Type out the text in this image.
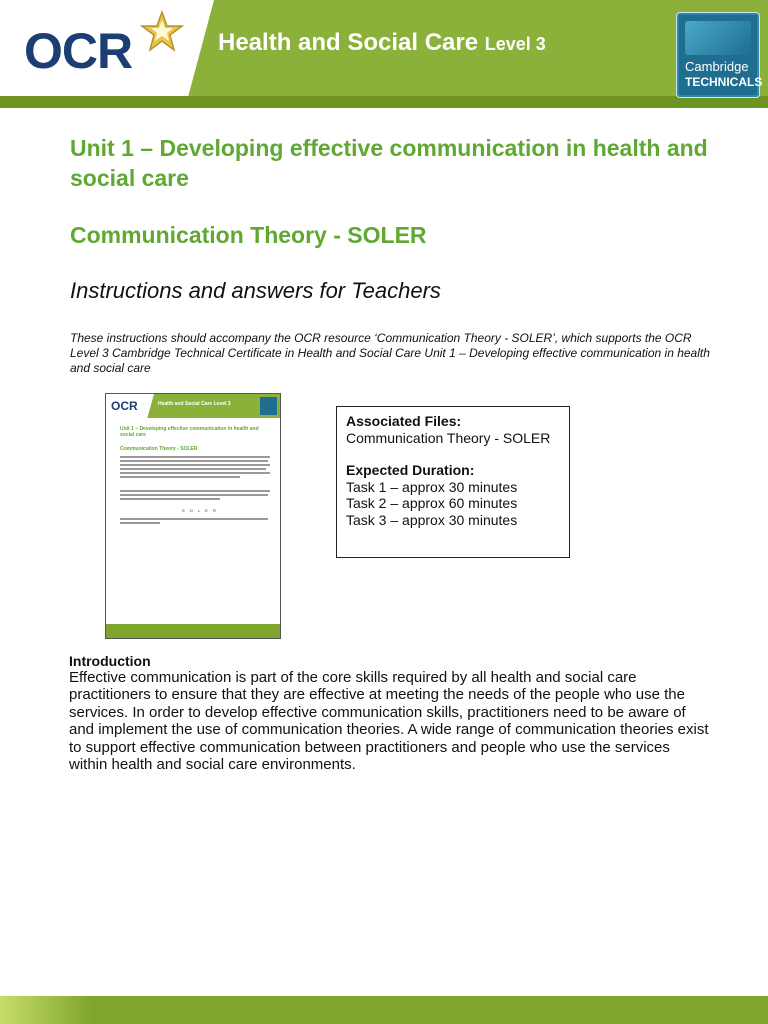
OCR	Health and Social Care Level 3
Cambridge
TECHNICALS
Unit 1 – Developing effective communication in health and social care
Communication Theory - SOLER
Instructions and answers for Teachers
These instructions should accompany the OCR resource ‘Communication Theory - SOLER’, which supports the OCR Level 3 Cambridge Technical Certificate in Health and Social Care Unit 1 – Developing effective communication in health and social care
OCR	Health and Social Care Level 3
Unit 1 – Developing effective communication in health and social care
Communication Theory - SOLER
S O L E R
Associated Files:
Communication Theory - SOLER
Expected Duration:
Task 1 – approx 30 minutes
Task 2 – approx 60 minutes
Task 3 – approx 30 minutes
Introduction
Effective communication is part of the core skills required by all health and social care practitioners to ensure that they are effective at meeting the needs of the people who use the services. In order to develop effective communication skills, practitioners need to be aware of and implement the use of communication theories. A wide range of communication theories exist to support effective communication between practitioners and people who use the services within health and social care environments.
